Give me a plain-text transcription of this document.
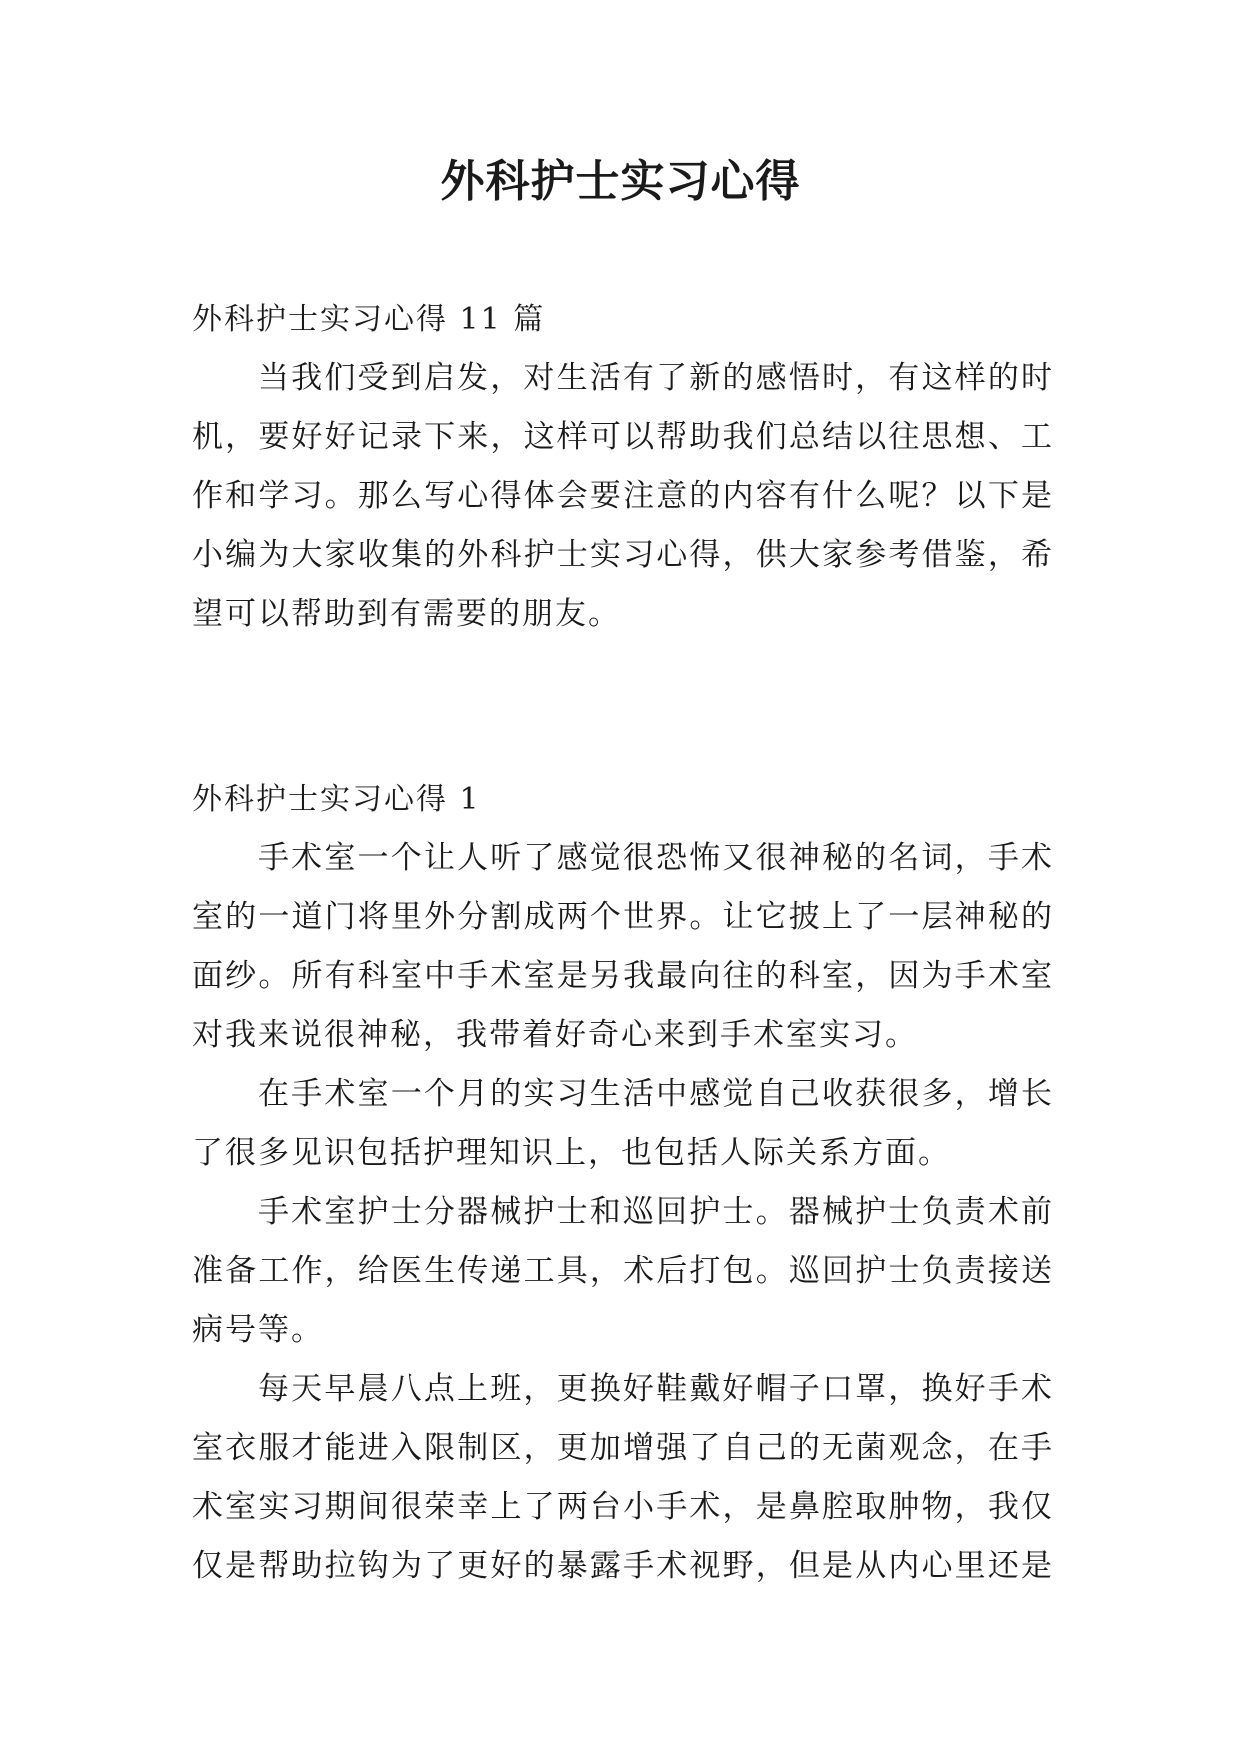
外科护士实习心得
外科护士实习心得 11 篇
当我们受到启发，对生活有了新的感悟时，有这样的时
机，要好好记录下来，这样可以帮助我们总结以往思想、工
作和学习。那么写心得体会要注意的内容有什么呢？以下是
小编为大家收集的外科护士实习心得，供大家参考借鉴，希
望可以帮助到有需要的朋友。
外科护士实习心得 1
手术室一个让人听了感觉很恐怖又很神秘的名词，手术
室的一道门将里外分割成两个世界。让它披上了一层神秘的
面纱。所有科室中手术室是另我最向往的科室，因为手术室
对我来说很神秘，我带着好奇心来到手术室实习。
在手术室一个月的实习生活中感觉自己收获很多，增长
了很多见识包括护理知识上，也包括人际关系方面。
手术室护士分器械护士和巡回护士。器械护士负责术前
准备工作，给医生传递工具，术后打包。巡回护士负责接送
病号等。
每天早晨八点上班，更换好鞋戴好帽子口罩，换好手术
室衣服才能进入限制区，更加增强了自己的无菌观念，在手
术室实习期间很荣幸上了两台小手术，是鼻腔取肿物，我仅
仅是帮助拉钩为了更好的暴露手术视野，但是从内心里还是
